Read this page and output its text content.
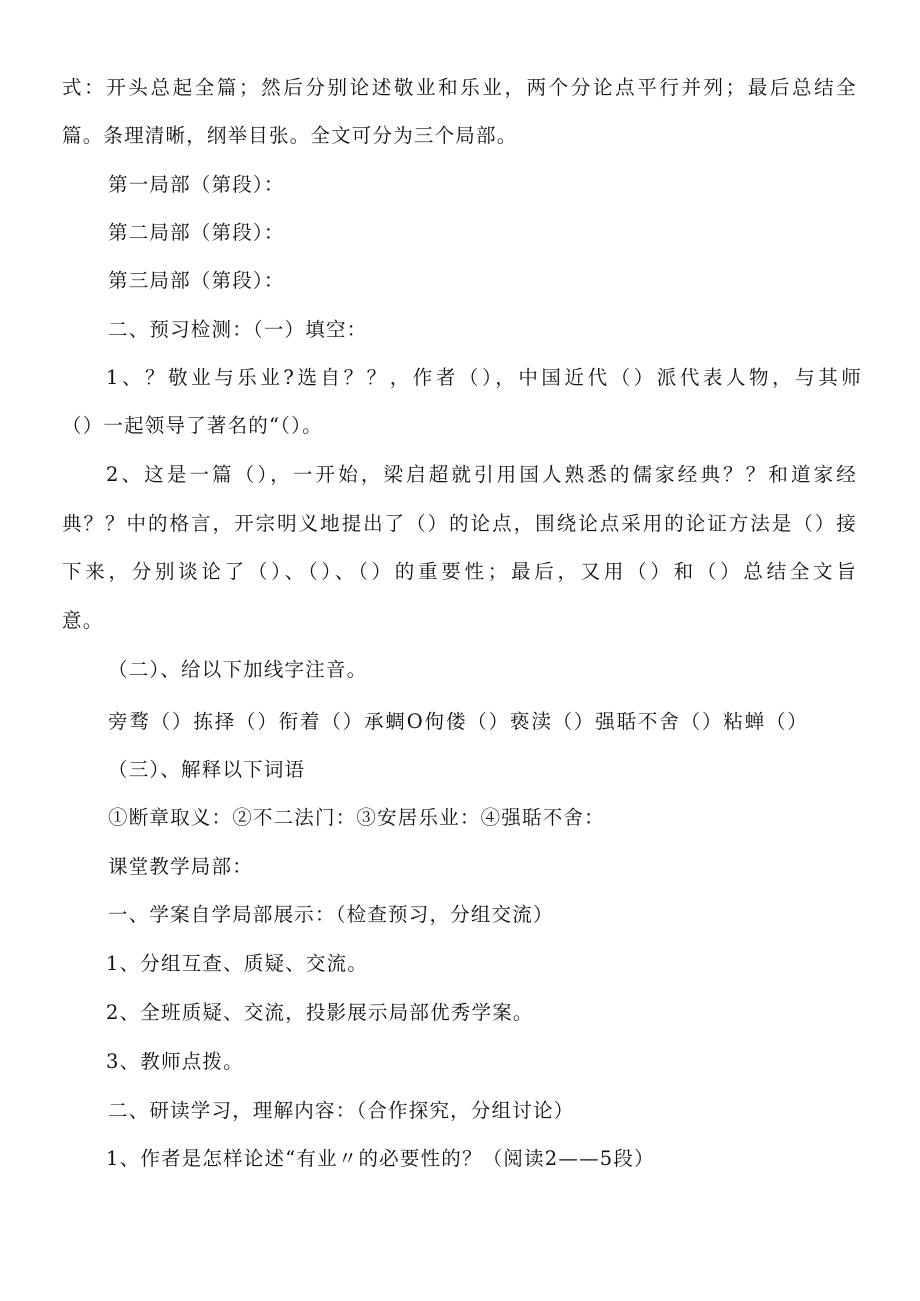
式：开头总起全篇；然后分别论述敬业和乐业，两个分论点平行并列；最后总结全
篇。条理清晰，纲举目张。全文可分为三个局部。
第一局部（第段）：
第二局部（第段）：
第三局部（第段）：
二、预习检测：（一）填空：
1、？敬业与乐业?选自？？，作者（），中国近代（）派代表人物，与其师
（）一起领导了著名的“（）。
2、这是一篇（），一开始，梁启超就引用国人熟悉的儒家经典？？和道家经
典？？中的格言，开宗明义地提出了（）的论点，围绕论点采用的论证方法是（）接
下来，分别谈论了（）、（）、（）的重要性；最后，又用（）和（）总结全文旨
意。
（二）、给以下加线字注音。
旁骛（）拣择（）衔着（）承蜩O佝偻（）亵渎（）强聒不舍（）粘蝉（）
（三）、解释以下词语
①断章取义：②不二法门：③安居乐业：④强聒不舍：
课堂教学局部：
一、学案自学局部展示：（检查预习，分组交流）
1、分组互查、质疑、交流。
2、全班质疑、交流，投影展示局部优秀学案。
3、教师点拨。
二、研读学习，理解内容：（合作探究，分组讨论）
1、作者是怎样论述“有业〃的必要性的？（阅读2——5段）
